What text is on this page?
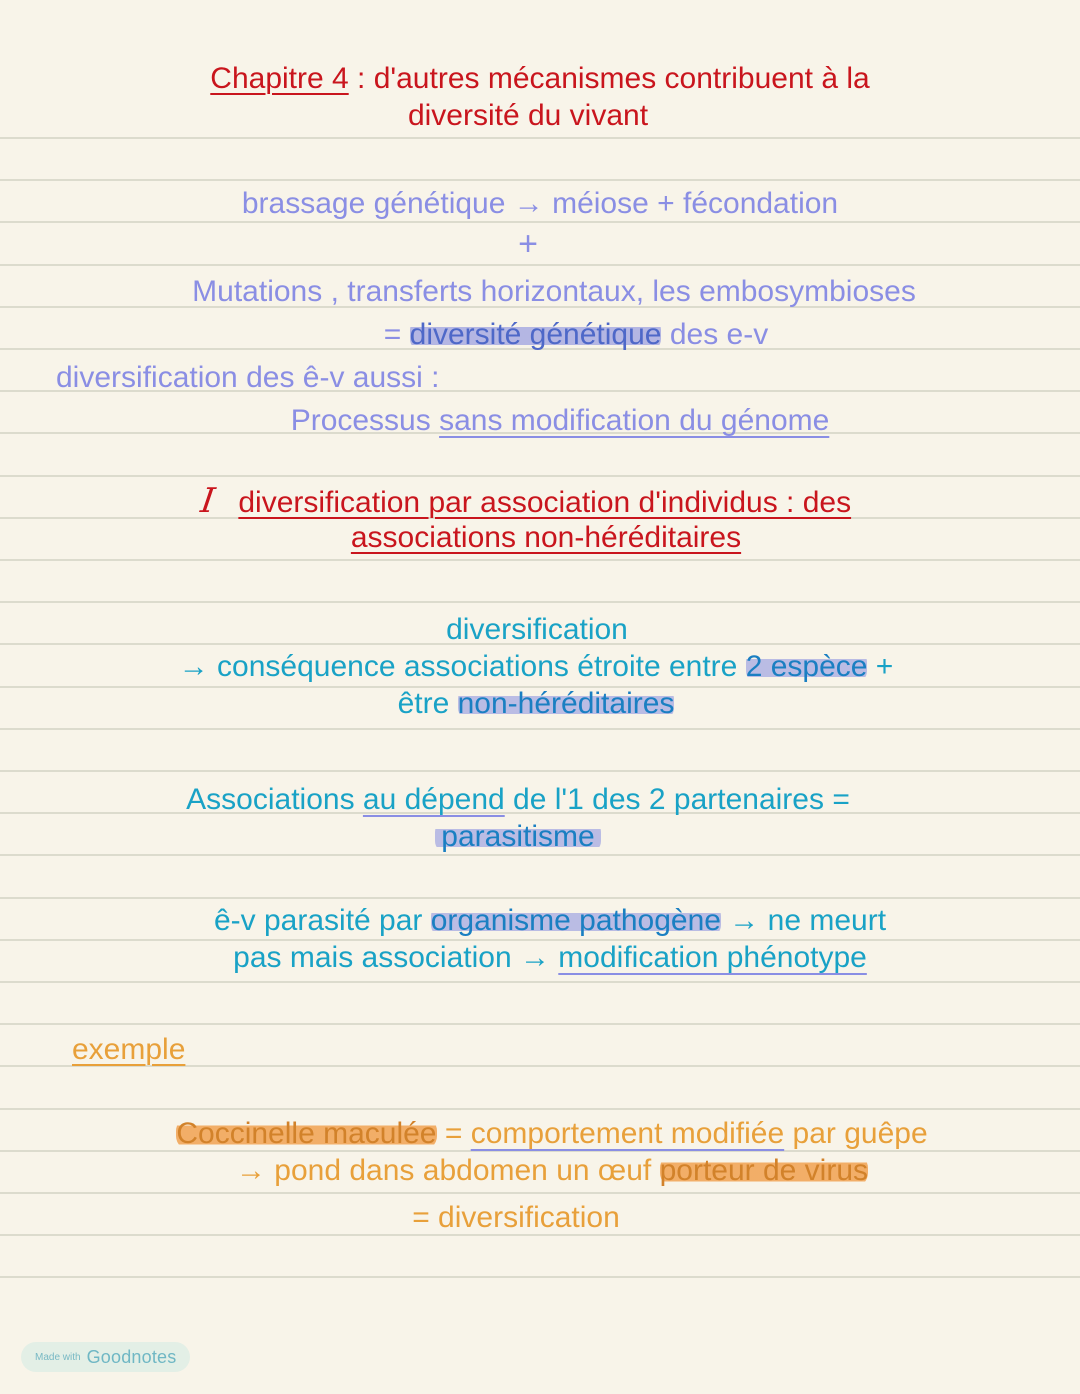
Chapitre 4 : d'autres mécanismes contribuent à la
diversité du vivant
brassage génétique → méiose + fécondation
+
Mutations , transferts horizontaux, les embosymbioses
= diversité génétique des e-v
diversification des ê-v aussi :
Processus sans modification du génome
I diversification par association d'individus : des
associations non-héréditaires
diversification
→ conséquence associations étroite entre 2 espèce +
être non-héréditaires
Associations au dépend de l'1 des 2 partenaires =
parasitisme
ê-v parasité par organisme pathogène → ne meurt
pas mais association → modification phénotype
exemple
Coccinelle maculée = comportement modifiée par guêpe
→ pond dans abdomen un œuf porteur de virus
= diversification
Made with Goodnotes
